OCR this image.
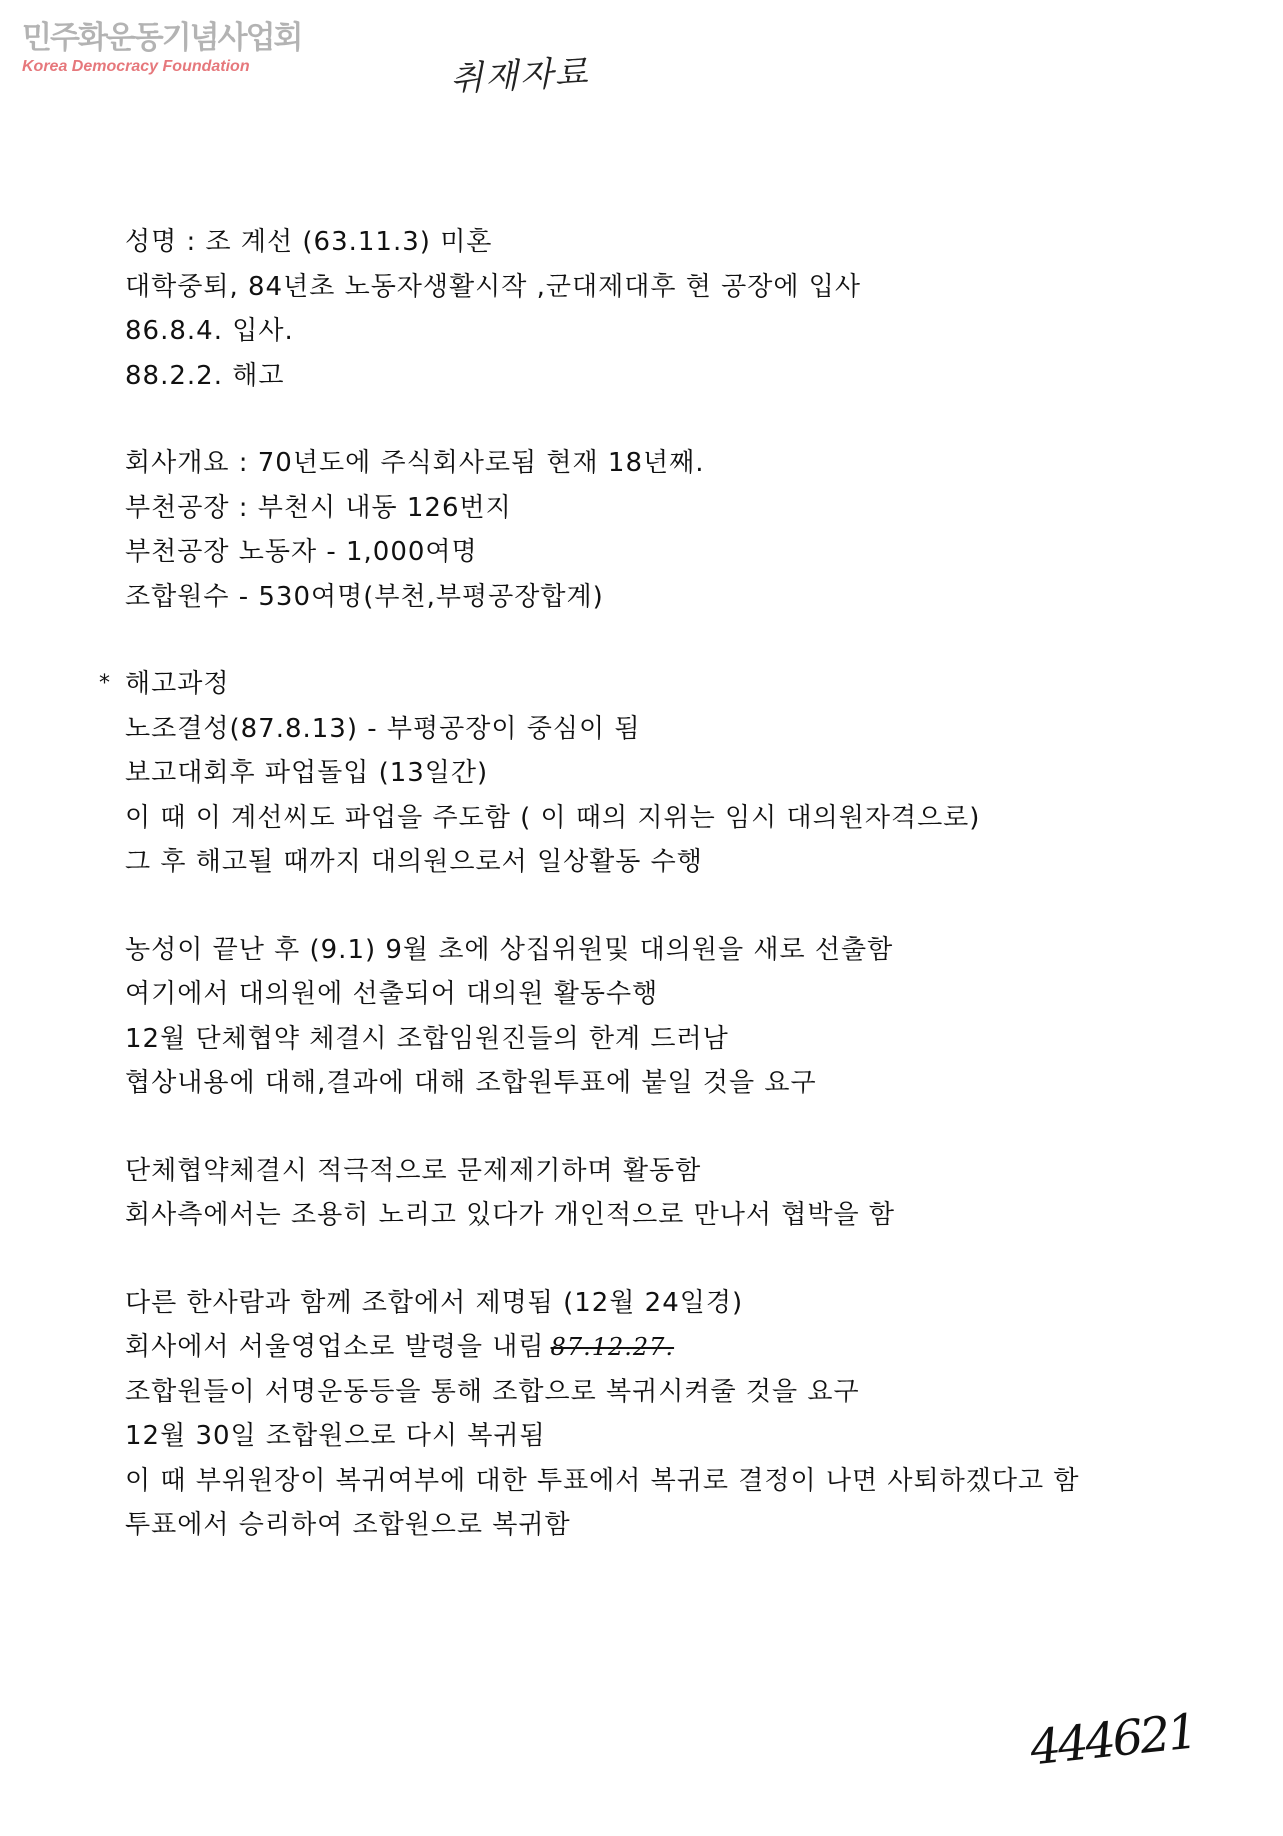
민주화운동기념사업회
Korea Democracy Foundation	취재자료
성명 : 조 계선 (63.11.3) 미혼
대학중퇴, 84년초 노동자생활시작 ,군대제대후 현 공장에 입사
86.8.4. 입사.
88.2.2. 해고
회사개요 : 70년도에 주식회사로됨 현재 18년째.
부천공장 : 부천시 내동 126번지
부천공장 노동자 - 1,000여명
조합원수 - 530여명(부천,부평공장합계)
* 해고과정
노조결성(87.8.13) - 부평공장이 중심이 됨
보고대회후 파업돌입 (13일간)
이 때 이 계선씨도 파업을 주도함 ( 이 때의 지위는 임시 대의원자격으로)
그 후 해고될 때까지 대의원으로서 일상활동 수행
농성이 끝난 후 (9.1) 9월 초에 상집위원및 대의원을 새로 선출함
여기에서 대의원에 선출되어 대의원 활동수행
12월 단체협약 체결시 조합임원진들의 한계 드러남
협상내용에 대해,결과에 대해 조합원투표에 붙일 것을 요구
단체협약체결시 적극적으로 문제제기하며 활동함
회사측에서는 조용히 노리고 있다가 개인적으로 만나서 협박을 함
다른 한사람과 함께 조합에서 제명됨 (12월 24일경)
회사에서 서울영업소로 발령을 내림 87.12.27.
조합원들이 서명운동등을 통해 조합으로 복귀시켜줄 것을 요구
12월 30일 조합원으로 다시 복귀됨
이 때 부위원장이 복귀여부에 대한 투표에서 복귀로 결정이 나면 사퇴하겠다고 함
투표에서 승리하여 조합원으로 복귀함
444621
